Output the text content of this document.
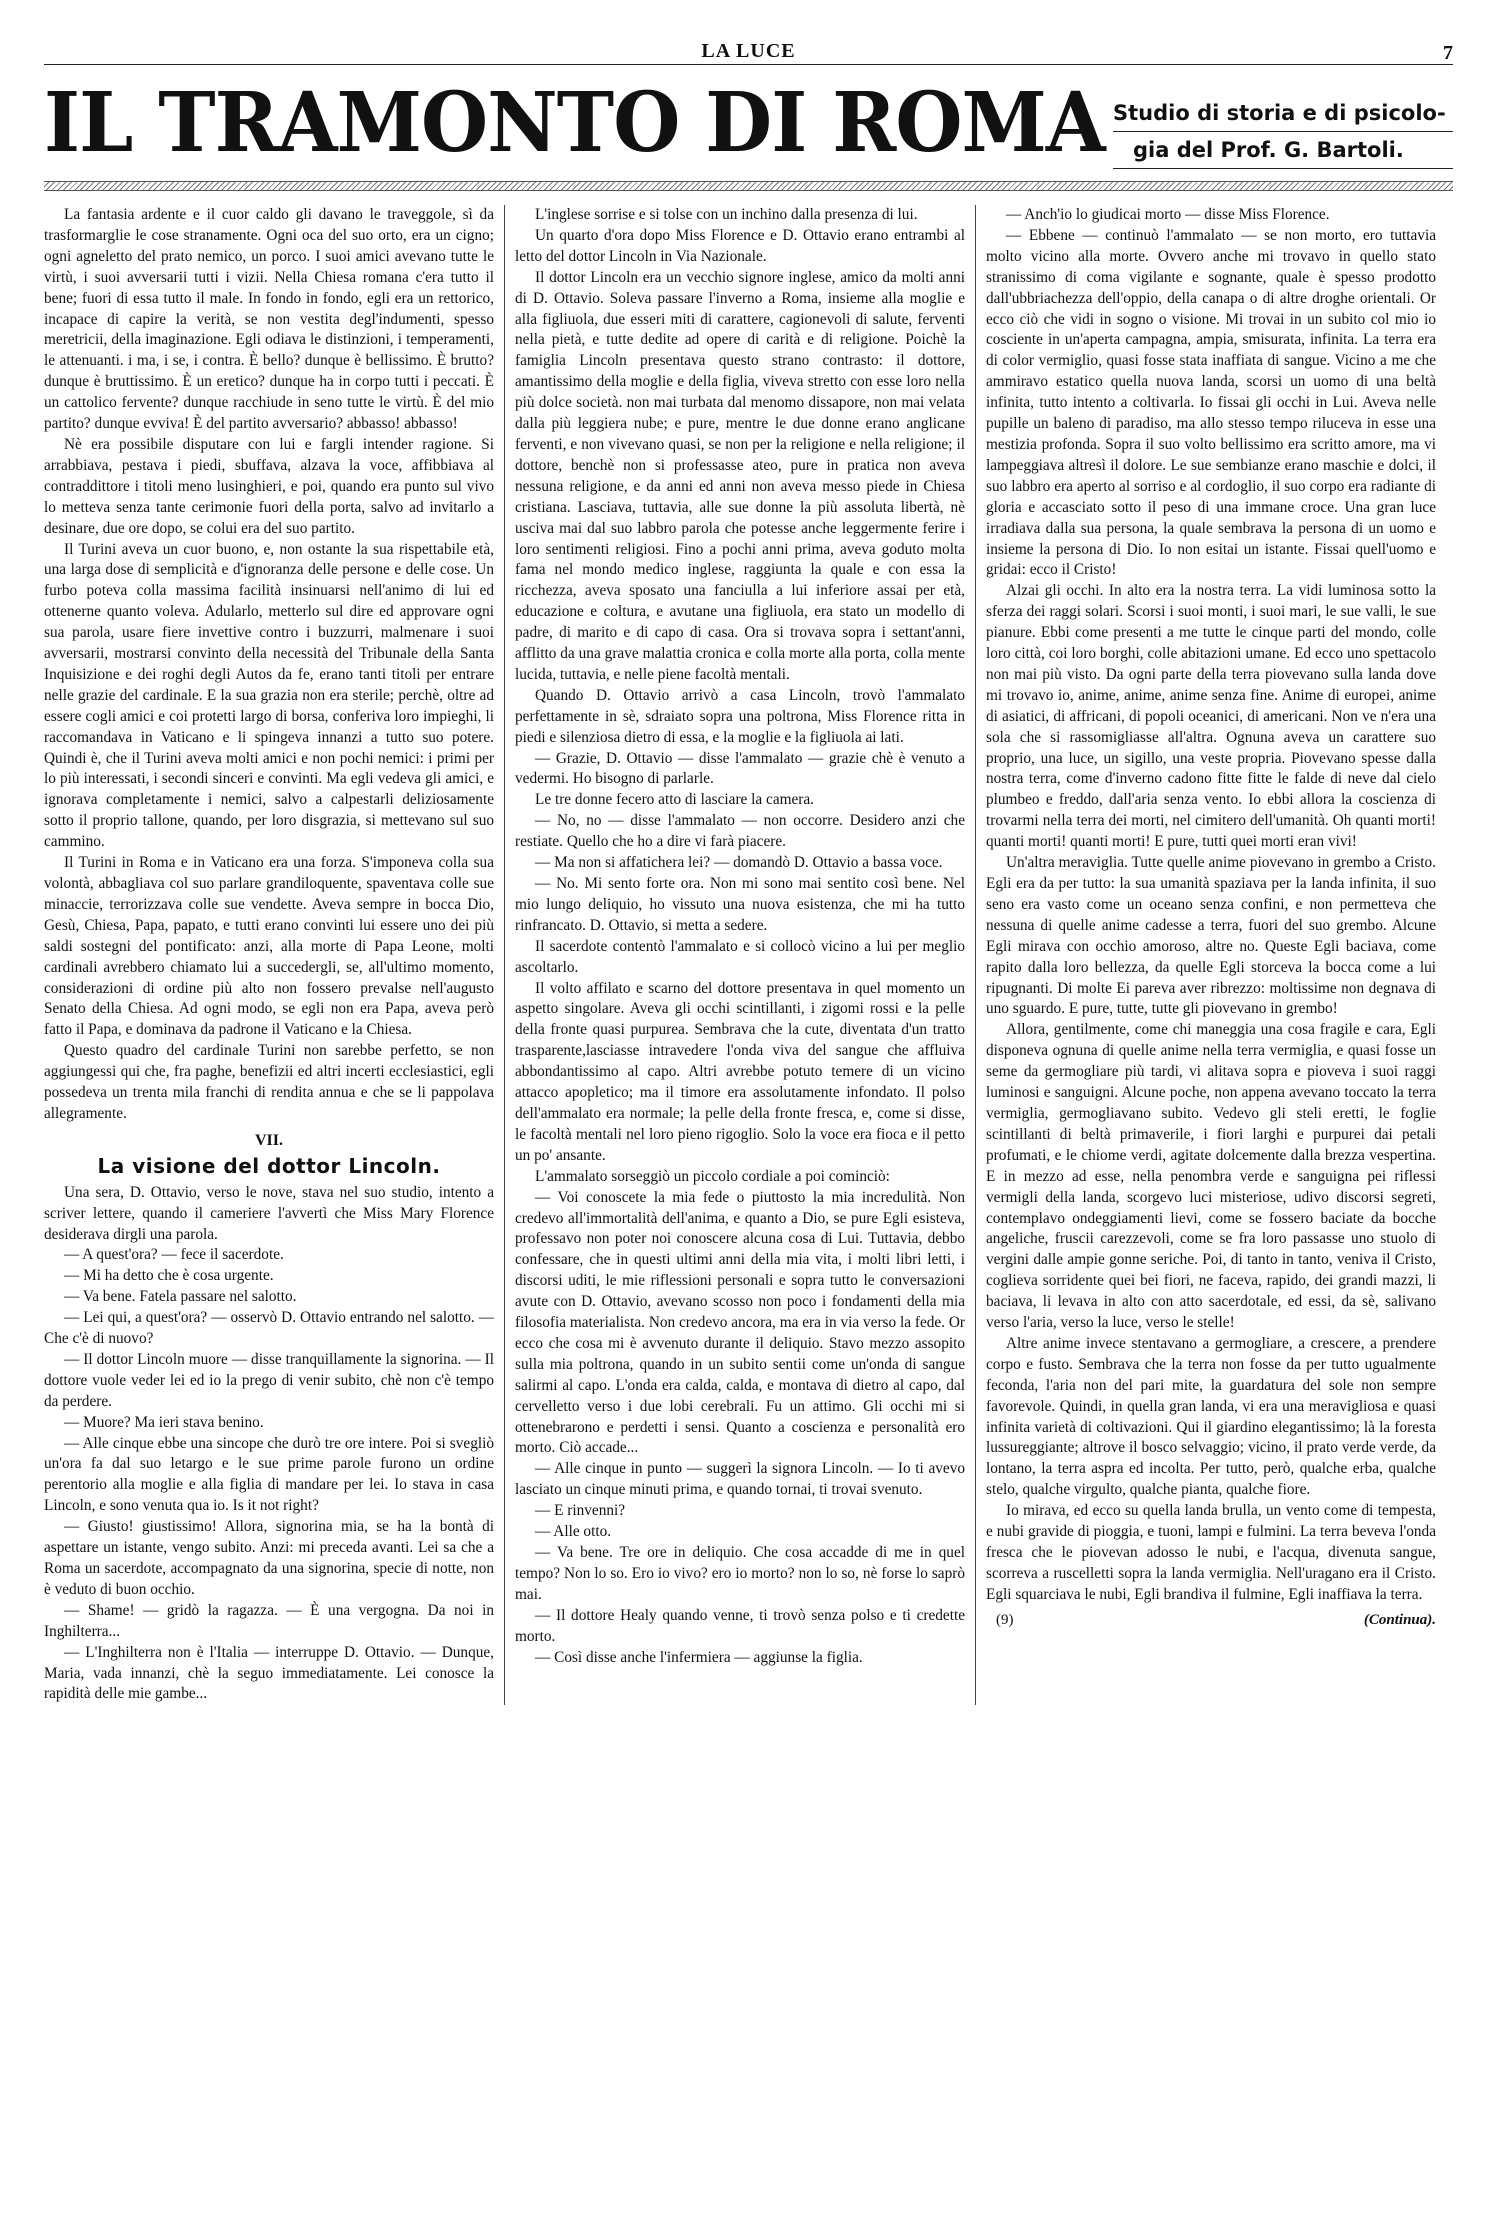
LA LUCE	7
IL TRAMONTO DI ROMA Studio di storia e di psicolo-
gia del Prof. G. Bartoli.

La fantasia ardente e il cuor caldo gli davano le traveggole, sì da trasformarglie le cose stranamente. Ogni oca del suo orto, era un cigno; ogni agneletto del prato nemico, un porco. I suoi amici avevano tutte le virtù, i suoi avversarii tutti i vizii. Nella Chiesa romana c'era tutto il bene; fuori di essa tutto il male. In fondo in fondo, egli era un rettorico, incapace di capire la verità, se non vestita degl'indumenti, spesso meretricii, della imaginazione. Egli odiava le distinzioni, i temperamenti, le attenuanti. i ma, i se, i contra. È bello? dunque è bellissimo. È brutto? dunque è bruttissimo. È un eretico? dunque ha in corpo tutti i peccati. È un cattolico fervente? dunque racchiude in seno tutte le virtù. È del mio partito? dunque evviva! È del partito avversario? abbasso! abbasso!

Nè era possibile disputare con lui e fargli intender ragione. Si arrabbiava, pestava i piedi, sbuffava, alzava la voce, affibbiava al contraddittore i titoli meno lusinghieri, e poi, quando era punto sul vivo lo metteva senza tante cerimonie fuori della porta, salvo ad invitarlo a desinare, due ore dopo, se colui era del suo partito.

Il Turini aveva un cuor buono, e, non ostante la sua rispettabile età, una larga dose di semplicità e d'ignoranza delle persone e delle cose. Un furbo poteva colla massima facilità insinuarsi nell'animo di lui ed ottenerne quanto voleva. Adularlo, metterlo sul dire ed approvare ogni sua parola, usare fiere invettive contro i buzzurri, malmenare i suoi avversarii, mostrarsi convinto della necessità del Tribunale della Santa Inquisizione e dei roghi degli Autos da fe, erano tanti titoli per entrare nelle grazie del cardinale. E la sua grazia non era sterile; perchè, oltre ad essere cogli amici e coi protetti largo di borsa, conferiva loro impieghi, li raccomandava in Vaticano e li spingeva innanzi a tutto suo potere. Quindi è, che il Turini aveva molti amici e non pochi nemici: i primi per lo più interessati, i secondi sinceri e convinti. Ma egli vedeva gli amici, e ignorava completamente i nemici, salvo a calpestarli deliziosamente sotto il proprio tallone, quando, per loro disgrazia, si mettevano sul suo cammino.

Il Turini in Roma e in Vaticano era una forza. S'imponeva colla sua volontà, abbagliava col suo parlare grandiloquente, spaventava colle sue minaccie, terrorizzava colle sue vendette. Aveva sempre in bocca Dio, Gesù, Chiesa, Papa, papato, e tutti erano convinti lui essere uno dei più saldi sostegni del pontificato: anzi, alla morte di Papa Leone, molti cardinali avrebbero chiamato lui a succedergli, se, all'ultimo momento, considerazioni di ordine più alto non fossero prevalse nell'augusto Senato della Chiesa. Ad ogni modo, se egli non era Papa, aveva però fatto il Papa, e dominava da padrone il Vaticano e la Chiesa.

Questo quadro del cardinale Turini non sarebbe perfetto, se non aggiungessi qui che, fra paghe, benefizii ed altri incerti ecclesiastici, egli possedeva un trenta mila franchi di rendita annua e che se li pappolava allegramente.

VII.
La visione del dottor Lincoln.

Una sera, D. Ottavio, verso le nove, stava nel suo studio, intento a scriver lettere, quando il cameriere l'avvertì che Miss Mary Florence desiderava dirgli una parola.

— A quest'ora? — fece il sacerdote.

— Mi ha detto che è cosa urgente.

— Va bene. Fatela passare nel salotto.

— Lei qui, a quest'ora? — osservò D. Ottavio entrando nel salotto. — Che c'è di nuovo?

— Il dottor Lincoln muore — disse tranquillamente la signorina. — Il dottore vuole veder lei ed io la prego di venir subito, chè non c'è tempo da perdere.

— Muore? Ma ieri stava benino.

— Alle cinque ebbe una sincope che durò tre ore intere. Poi si svegliò un'ora fa dal suo letargo e le sue prime parole furono un ordine perentorio alla moglie e alla figlia di mandare per lei. Io stava in casa Lincoln, e sono venuta qua io. Is it not right?

— Giusto! giustissimo! Allora, signorina mia, se ha la bontà di aspettare un istante, vengo subito. Anzi: mi preceda avanti. Lei sa che a Roma un sacerdote, accompagnato da una signorina, specie di notte, non è veduto di buon occhio.

— Shame! — gridò la ragazza. — È una vergogna. Da noi in Inghilterra...

— L'Inghilterra non è l'Italia — interruppe D. Ottavio. — Dunque, Maria, vada innanzi, chè la seguo immediatamente. Lei conosce la rapidità delle mie gambe...

L'inglese sorrise e si tolse con un inchino dalla presenza di lui.

Un quarto d'ora dopo Miss Florence e D. Ottavio erano entrambi al letto del dottor Lincoln in Via Nazionale.

Il dottor Lincoln era un vecchio signore inglese, amico da molti anni di D. Ottavio. Soleva passare l'inverno a Roma, insieme alla moglie e alla figliuola, due esseri miti di carattere, cagionevoli di salute, ferventi nella pietà, e tutte dedite ad opere di carità e di religione. Poichè la famiglia Lincoln presentava questo strano contrasto: il dottore, amantissimo della moglie e della figlia, viveva stretto con esse loro nella più dolce società. non mai turbata dal menomo dissapore, non mai velata dalla più leggiera nube; e pure, mentre le due donne erano anglicane ferventi, e non vivevano quasi, se non per la religione e nella religione; il dottore, benchè non si professasse ateo, pure in pratica non aveva nessuna religione, e da anni ed anni non aveva messo piede in Chiesa cristiana. Lasciava, tuttavia, alle sue donne la più assoluta libertà, nè usciva mai dal suo labbro parola che potesse anche leggermente ferire i loro sentimenti religiosi. Fino a pochi anni prima, aveva goduto molta fama nel mondo medico inglese, raggiunta la quale e con essa la ricchezza, aveva sposato una fanciulla a lui inferiore assai per età, educazione e coltura, e avutane una figliuola, era stato un modello di padre, di marito e di capo di casa. Ora si trovava sopra i settant'anni, afflitto da una grave malattia cronica e colla morte alla porta, colla mente lucida, tuttavia, e nelle piene facoltà mentali.

Quando D. Ottavio arrivò a casa Lincoln, trovò l'ammalato perfettamente in sè, sdraiato sopra una poltrona, Miss Florence ritta in piedi e silenziosa dietro di essa, e la moglie e la figliuola ai lati.

— Grazie, D. Ottavio — disse l'ammalato — grazie chè è venuto a vedermi. Ho bisogno di parlarle.

Le tre donne fecero atto di lasciare la camera.

— No, no — disse l'ammalato — non occorre. Desidero anzi che restiate. Quello che ho a dire vi farà piacere.

— Ma non si affatichera lei? — domandò D. Ottavio a bassa voce.

— No. Mi sento forte ora. Non mi sono mai sentito così bene. Nel mio lungo deliquio, ho vissuto una nuova esistenza, che mi ha tutto rinfrancato. D. Ottavio, si metta a sedere.

Il sacerdote contentò l'ammalato e si collocò vicino a lui per meglio ascoltarlo.

Il volto affilato e scarno del dottore presentava in quel momento un aspetto singolare. Aveva gli occhi scintillanti, i zigomi rossi e la pelle della fronte quasi purpurea. Sembrava che la cute, diventata d'un tratto trasparente,lasciasse intravedere l'onda viva del sangue che affluiva abbondantissimo al capo. Altri avrebbe potuto temere di un vicino attacco apopletico; ma il timore era assolutamente infondato. Il polso dell'ammalato era normale; la pelle della fronte fresca, e, come si disse, le facoltà mentali nel loro pieno rigoglio. Solo la voce era fioca e il petto un po' ansante.

L'ammalato sorseggiò un piccolo cordiale a poi cominciò:

— Voi conoscete la mia fede o piuttosto la mia incredulità. Non credevo all'immortalità dell'anima, e quanto a Dio, se pure Egli esisteva, professavo non poter noi conoscere alcuna cosa di Lui. Tuttavia, debbo confessare, che in questi ultimi anni della mia vita, i molti libri letti, i discorsi uditi, le mie riflessioni personali e sopra tutto le conversazioni avute con D. Ottavio, avevano scosso non poco i fondamenti della mia filosofia materialista. Non credevo ancora, ma era in via verso la fede. Or ecco che cosa mi è avvenuto durante il deliquio. Stavo mezzo assopito sulla mia poltrona, quando in un subito sentii come un'onda di sangue salirmi al capo. L'onda era calda, calda, e montava di dietro al capo, dal cervelletto verso i due lobi cerebrali. Fu un attimo. Gli occhi mi si ottenebrarono e perdetti i sensi. Quanto a coscienza e personalità ero morto. Ciò accade...

— Alle cinque in punto — suggerì la signora Lincoln. — Io ti avevo lasciato un cinque minuti prima, e quando tornai, ti trovai svenuto.

— E rinvenni?

— Alle otto.

— Va bene. Tre ore in deliquio. Che cosa accadde di me in quel tempo? Non lo so. Ero io vivo? ero io morto? non lo so, nè forse lo saprò mai.

— Il dottore Healy quando venne, ti trovò senza polso e ti credette morto.

— Così disse anche l'infermiera — aggiunse la figlia.

— Anch'io lo giudicai morto — disse Miss Florence.

— Ebbene — continuò l'ammalato — se non morto, ero tuttavia molto vicino alla morte. Ovvero anche mi trovavo in quello stato stranissimo di coma vigilante e sognante, quale è spesso prodotto dall'ubbriachezza dell'oppio, della canapa o di altre droghe orientali. Or ecco ciò che vidi in sogno o visione. Mi trovai in un subito col mio io cosciente in un'aperta campagna, ampia, smisurata, infinita. La terra era di color vermiglio, quasi fosse stata inaffiata di sangue. Vicino a me che ammiravo estatico quella nuova landa, scorsi un uomo di una beltà infinita, tutto intento a coltivarla. Io fissai gli occhi in Lui. Aveva nelle pupille un baleno di paradiso, ma allo stesso tempo riluceva in esse una mestizia profonda. Sopra il suo volto bellissimo era scritto amore, ma vi lampeggiava altresì il dolore. Le sue sembianze erano maschie e dolci, il suo labbro era aperto al sorriso e al cordoglio, il suo corpo era radiante di gloria e accasciato sotto il peso di una immane croce. Una gran luce irradiava dalla sua persona, la quale sembrava la persona di un uomo e insieme la persona di Dio. Io non esitai un istante. Fissai quell'uomo e gridai: ecco il Cristo!

Alzai gli occhi. In alto era la nostra terra. La vidi luminosa sotto la sferza dei raggi solari. Scorsi i suoi monti, i suoi mari, le sue valli, le sue pianure. Ebbi come presenti a me tutte le cinque parti del mondo, colle loro città, coi loro borghi, colle abitazioni umane. Ed ecco uno spettacolo non mai più visto. Da ogni parte della terra piovevano sulla landa dove mi trovavo io, anime, anime, anime senza fine. Anime di europei, anime di asiatici, di affricani, di popoli oceanici, di americani. Non ve n'era una sola che si rassomigliasse all'altra. Ognuna aveva un carattere suo proprio, una luce, un sigillo, una veste propria. Piovevano spesse dalla nostra terra, come d'inverno cadono fitte fitte le falde di neve dal cielo plumbeo e freddo, dall'aria senza vento. Io ebbi allora la coscienza di trovarmi nella terra dei morti, nel cimitero dell'umanità. Oh quanti morti! quanti morti! quanti morti! E pure, tutti quei morti eran vivi!

Un'altra meraviglia. Tutte quelle anime piovevano in grembo a Cristo. Egli era da per tutto: la sua umanità spaziava per la landa infinita, il suo seno era vasto come un oceano senza confini, e non permetteva che nessuna di quelle anime cadesse a terra, fuori del suo grembo. Alcune Egli mirava con occhio amoroso, altre no. Queste Egli baciava, come rapito dalla loro bellezza, da quelle Egli storceva la bocca come a lui ripugnanti. Di molte Ei pareva aver ribrezzo: moltissime non degnava di uno sguardo. E pure, tutte, tutte gli piovevano in grembo!

Allora, gentilmente, come chi maneggia una cosa fragile e cara, Egli disponeva ognuna di quelle anime nella terra vermiglia, e quasi fosse un seme da germogliare più tardi, vi alitava sopra e pioveva i suoi raggi luminosi e sanguigni. Alcune poche, non appena avevano toccato la terra vermiglia, germogliavano subito. Vedevo gli steli eretti, le foglie scintillanti di beltà primaverile, i fiori larghi e purpurei dai petali profumati, e le chiome verdi, agitate dolcemente dalla brezza vespertina. E in mezzo ad esse, nella penombra verde e sanguigna pei riflessi vermigli della landa, scorgevo luci misteriose, udivo discorsi segreti, contemplavo ondeggiamenti lievi, come se fossero baciate da bocche angeliche, fruscii carezzevoli, come se fra loro passasse uno stuolo di vergini dalle ampie gonne seriche. Poi, di tanto in tanto, veniva il Cristo, coglieva sorridente quei bei fiori, ne faceva, rapido, dei grandi mazzi, li baciava, li levava in alto con atto sacerdotale, ed essi, da sè, salivano verso l'aria, verso la luce, verso le stelle!

Altre anime invece stentavano a germogliare, a crescere, a prendere corpo e fusto. Sembrava che la terra non fosse da per tutto ugualmente feconda, l'aria non del pari mite, la guardatura del sole non sempre favorevole. Quindi, in quella gran landa, vi era una meravigliosa e quasi infinita varietà di coltivazioni. Qui il giardino elegantissimo; là la foresta lussureggiante; altrove il bosco selvaggio; vicino, il prato verde verde, da lontano, la terra aspra ed incolta. Per tutto, però, qualche erba, qualche stelo, qualche virgulto, qualche pianta, qualche fiore.

Io mirava, ed ecco su quella landa brulla, un vento come di tempesta, e nubi gravide di pioggia, e tuoni, lampi e fulmini. La terra beveva l'onda fresca che le piovevan adosso le nubi, e l'acqua, divenuta sangue, scorreva a ruscelletti sopra la landa vermiglia. Nell'uragano era il Cristo. Egli squarciava le nubi, Egli brandiva il fulmine, Egli inaffiava la terra.

(9)	(Continua).
